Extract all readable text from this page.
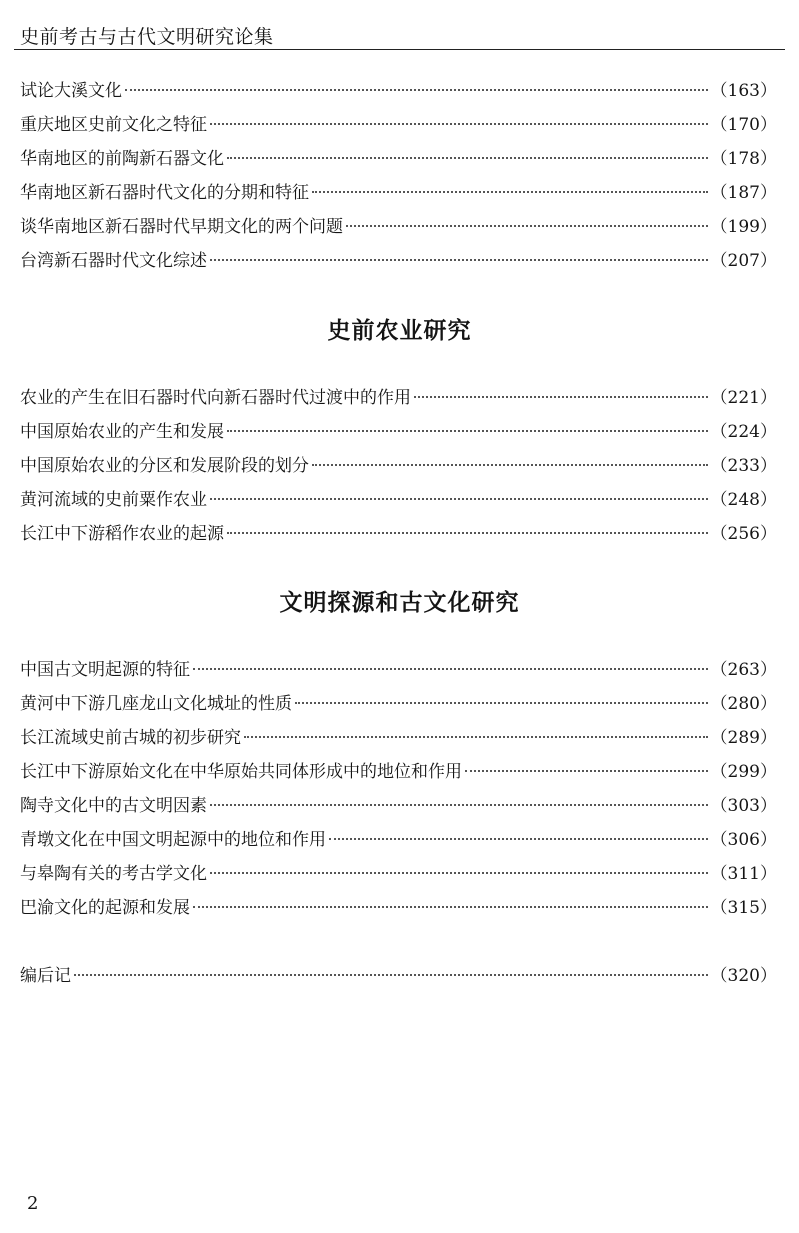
史前考古与古代文明研究论集
试论大溪文化	（163）
重庆地区史前文化之特征	（170）
华南地区的前陶新石器文化	（178）
华南地区新石器时代文化的分期和特征	（187）
谈华南地区新石器时代早期文化的两个问题	（199）
台湾新石器时代文化综述	（207）
史前农业研究
农业的产生在旧石器时代向新石器时代过渡中的作用	（221）
中国原始农业的产生和发展	（224）
中国原始农业的分区和发展阶段的划分	（233）
黄河流域的史前粟作农业	（248）
长江中下游稻作农业的起源	（256）
文明探源和古文化研究
中国古文明起源的特征	（263）
黄河中下游几座龙山文化城址的性质	（280）
长江流域史前古城的初步研究	（289）
长江中下游原始文化在中华原始共同体形成中的地位和作用	（299）
陶寺文化中的古文明因素	（303）
青墩文化在中国文明起源中的地位和作用	（306）
与皋陶有关的考古学文化	（311）
巴渝文化的起源和发展	（315）
编后记	（320）
2
